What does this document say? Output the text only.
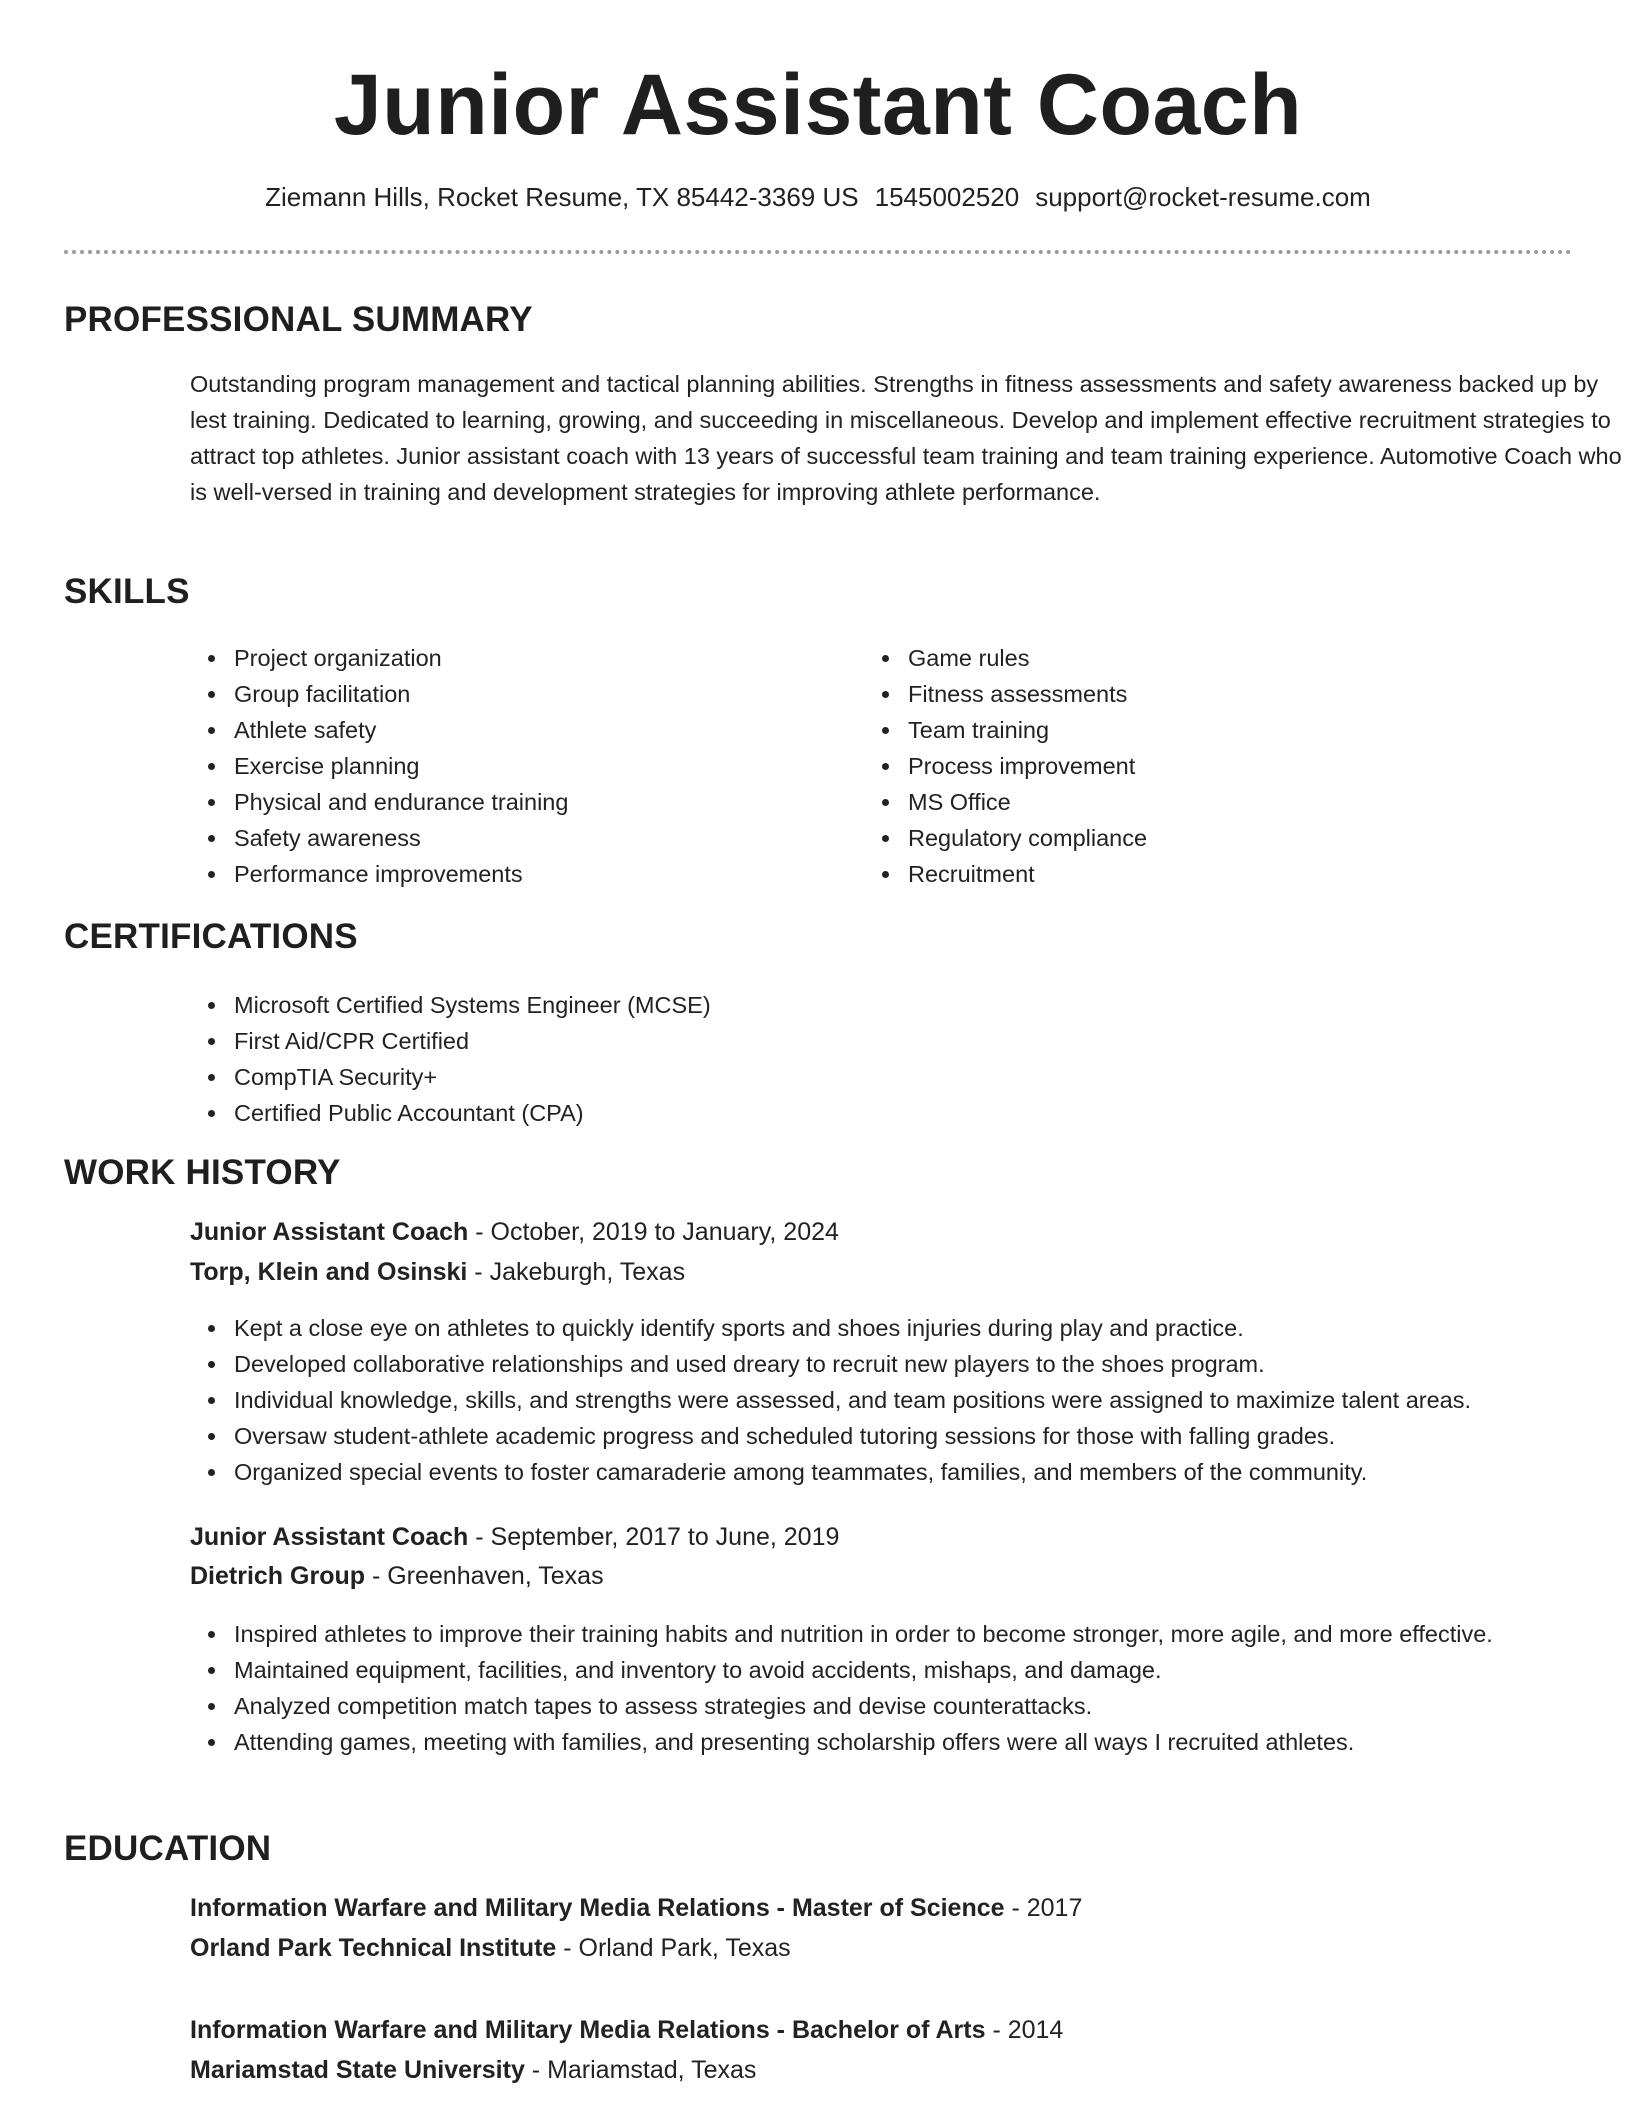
Junior Assistant Coach
Ziemann Hills, Rocket Resume, TX 85442-3369 US 1545002520 support@rocket-resume.com
PROFESSIONAL SUMMARY
Outstanding program management and tactical planning abilities. Strengths in fitness assessments and safety awareness backed up by lest training. Dedicated to learning, growing, and succeeding in miscellaneous. Develop and implement effective recruitment strategies to attract top athletes. Junior assistant coach with 13 years of successful team training and team training experience. Automotive Coach who is well-versed in training and development strategies for improving athlete performance.
SKILLS
Project organization
Group facilitation
Athlete safety
Exercise planning
Physical and endurance training
Safety awareness
Performance improvements
Game rules
Fitness assessments
Team training
Process improvement
MS Office
Regulatory compliance
Recruitment
CERTIFICATIONS
Microsoft Certified Systems Engineer (MCSE)
First Aid/CPR Certified
CompTIA Security+
Certified Public Accountant (CPA)
WORK HISTORY
Junior Assistant Coach - October, 2019 to January, 2024
Torp, Klein and Osinski - Jakeburgh, Texas
Kept a close eye on athletes to quickly identify sports and shoes injuries during play and practice.
Developed collaborative relationships and used dreary to recruit new players to the shoes program.
Individual knowledge, skills, and strengths were assessed, and team positions were assigned to maximize talent areas.
Oversaw student-athlete academic progress and scheduled tutoring sessions for those with falling grades.
Organized special events to foster camaraderie among teammates, families, and members of the community.
Junior Assistant Coach - September, 2017 to June, 2019
Dietrich Group - Greenhaven, Texas
Inspired athletes to improve their training habits and nutrition in order to become stronger, more agile, and more effective.
Maintained equipment, facilities, and inventory to avoid accidents, mishaps, and damage.
Analyzed competition match tapes to assess strategies and devise counterattacks.
Attending games, meeting with families, and presenting scholarship offers were all ways I recruited athletes.
EDUCATION
Information Warfare and Military Media Relations - Master of Science - 2017
Orland Park Technical Institute - Orland Park, Texas
Information Warfare and Military Media Relations - Bachelor of Arts - 2014
Mariamstad State University - Mariamstad, Texas
